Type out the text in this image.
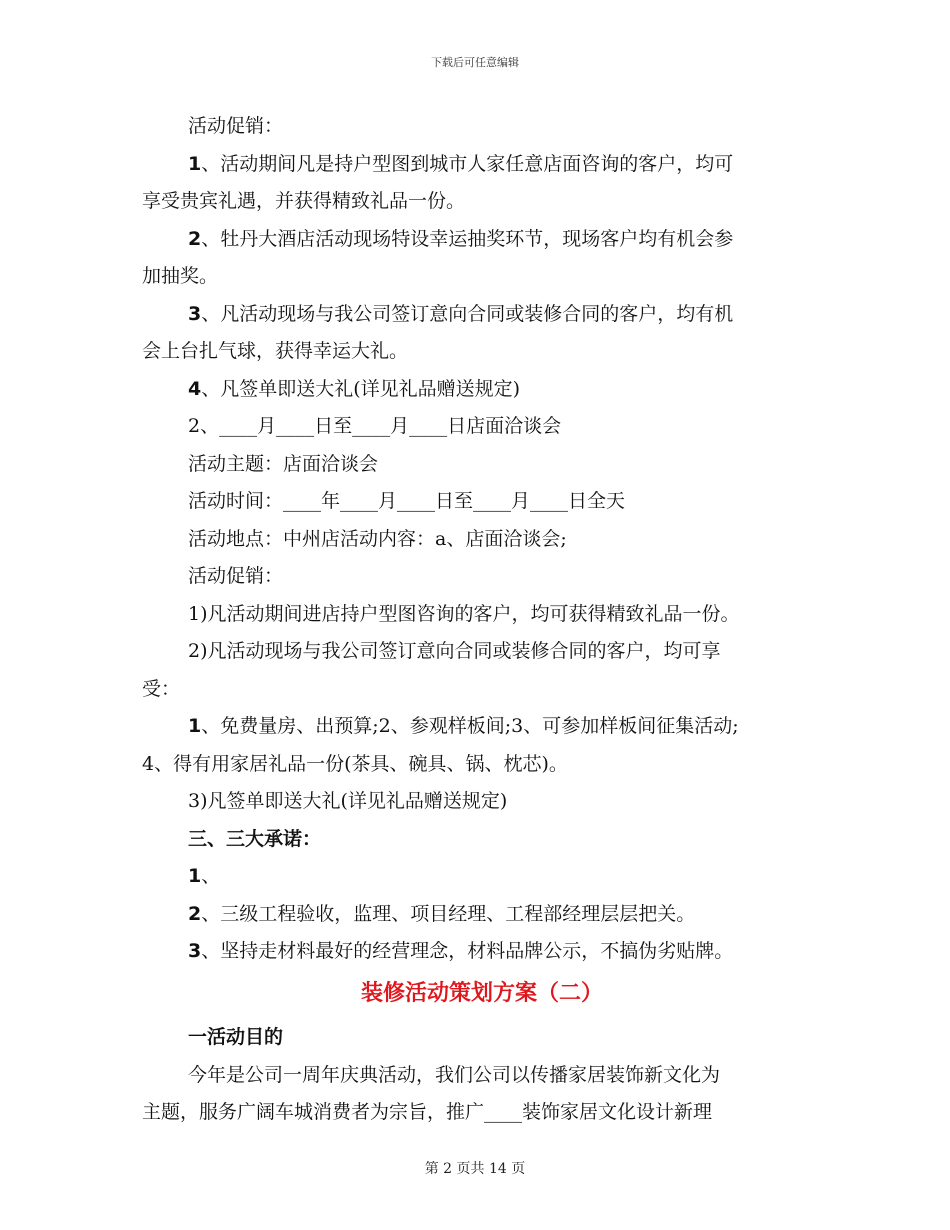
下载后可任意编辑
活动促销：
1、活动期间凡是持户型图到城市人家任意店面咨询的客户，均可
享受贵宾礼遇，并获得精致礼品一份。
2、牡丹大酒店活动现场特设幸运抽奖环节，现场客户均有机会参
加抽奖。
3、凡活动现场与我公司签订意向合同或装修合同的客户，均有机
会上台扎气球，获得幸运大礼。
4、凡签单即送大礼(详见礼品赠送规定)
2、____月____日至____月____日店面洽谈会
活动主题：店面洽谈会
活动时间：____年____月____日至____月____日全天
活动地点：中州店活动内容：a、店面洽谈会;
活动促销：
1)凡活动期间进店持户型图咨询的客户，均可获得精致礼品一份。
2)凡活动现场与我公司签订意向合同或装修合同的客户，均可享
受：
1、免费量房、出预算;2、参观样板间;3、可参加样板间征集活动;
4、得有用家居礼品一份(茶具、碗具、锅、枕芯)。
3)凡签单即送大礼(详见礼品赠送规定)
三、三大承诺：
1、
2、三级工程验收，监理、项目经理、工程部经理层层把关。
3、坚持走材料最好的经营理念，材料品牌公示，不搞伪劣贴牌。
装修活动策划方案（二）
一活动目的
今年是公司一周年庆典活动，我们公司以传播家居装饰新文化为
主题，服务广阔车城消费者为宗旨，推广____装饰家居文化设计新理
第 2 页共 14 页
